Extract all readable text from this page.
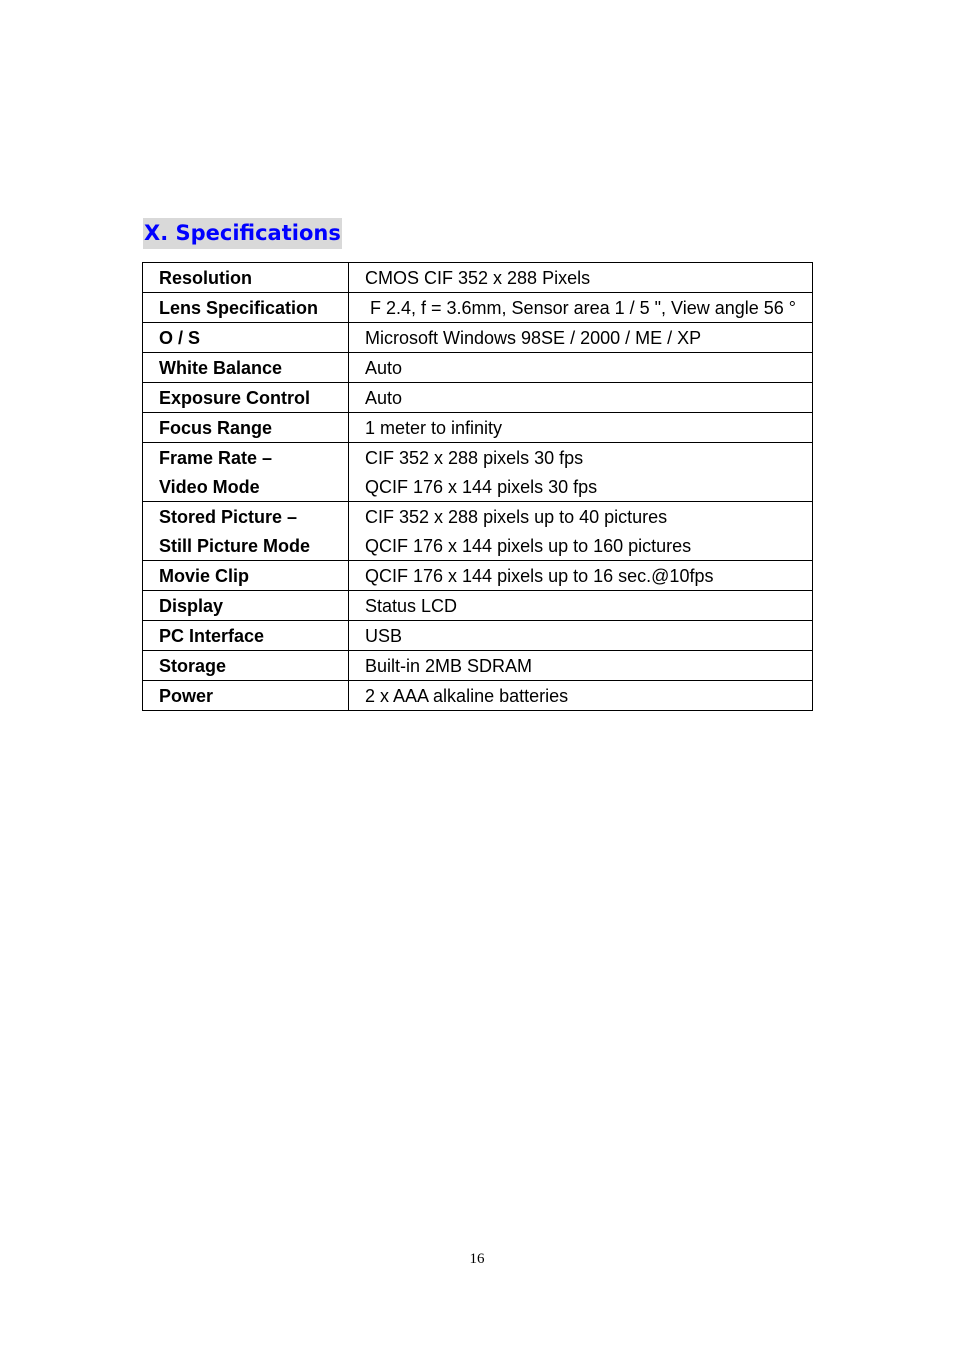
X. Specifications
Resolution	CMOS CIF 352 x 288 Pixels

Lens Specification	F 2.4, f = 3.6mm, Sensor area 1 / 5 ", View angle 56 °

O / S	Microsoft Windows 98SE / 2000 / ME / XP

White Balance	Auto

Exposure Control	Auto

Focus Range	1 meter to infinity

Frame Rate –
Video Mode	CIF 352 x 288 pixels 30 fps
QCIF 176 x 144 pixels 30 fps

Stored Picture –
Still Picture Mode	CIF 352 x 288 pixels up to 40 pictures
QCIF 176 x 144 pixels up to 160 pictures

Movie Clip	QCIF 176 x 144 pixels up to 16 sec.@10fps

Display	Status LCD

PC Interface	USB

Storage	Built-in 2MB SDRAM

Power	2 x AAA alkaline batteries
16
